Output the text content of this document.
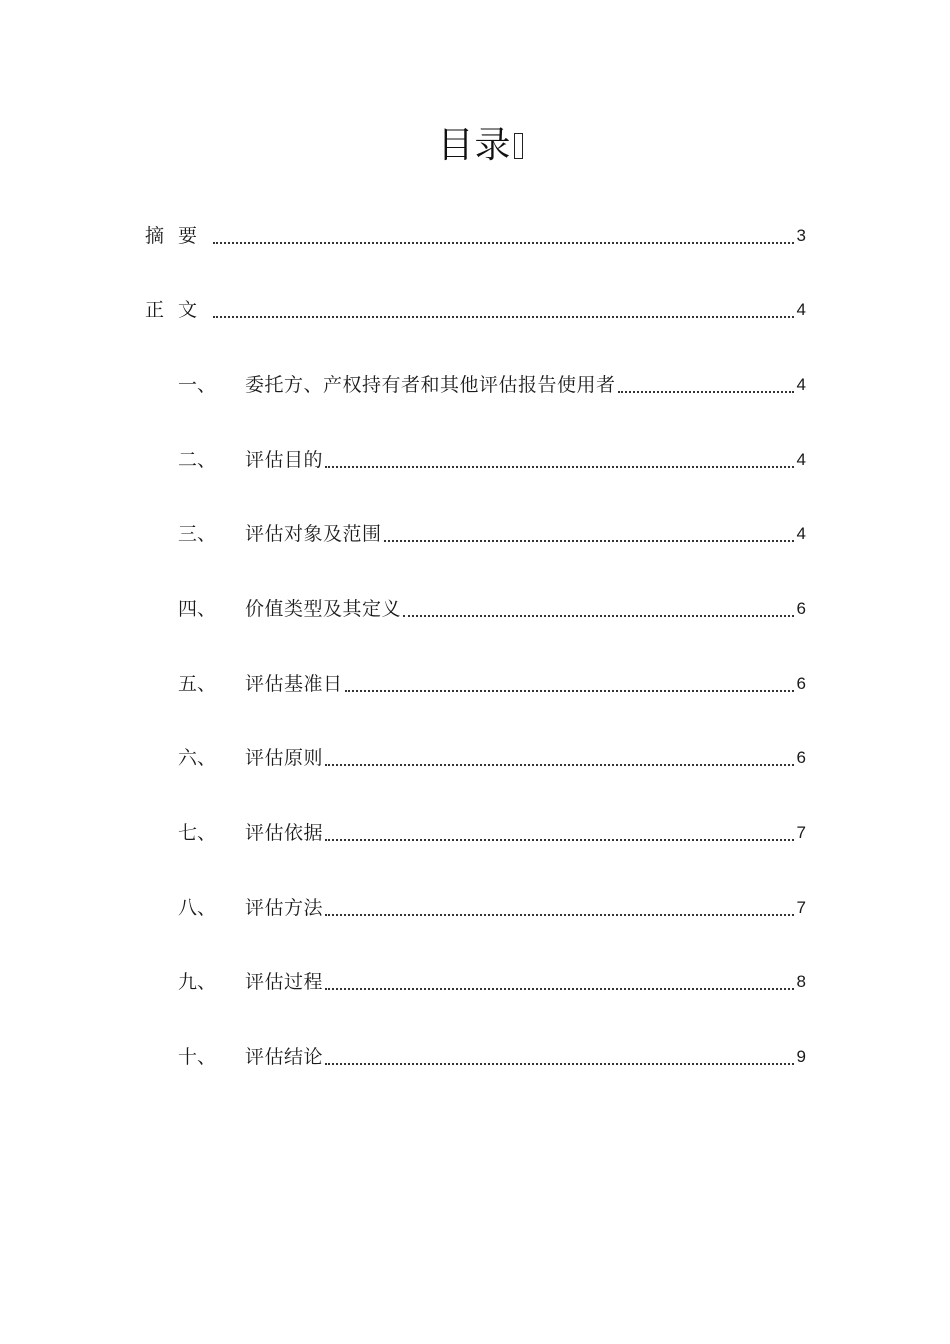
目录
摘要	3
正文	4
一、	委托方、产权持有者和其他评估报告使用者	4
二、	评估目的	4
三、	评估对象及范围	4
四、	价值类型及其定义	6
五、	评估基准日	6
六、	评估原则	6
七、	评估依据	7
八、	评估方法	7
九、	评估过程	8
十、	评估结论	9
